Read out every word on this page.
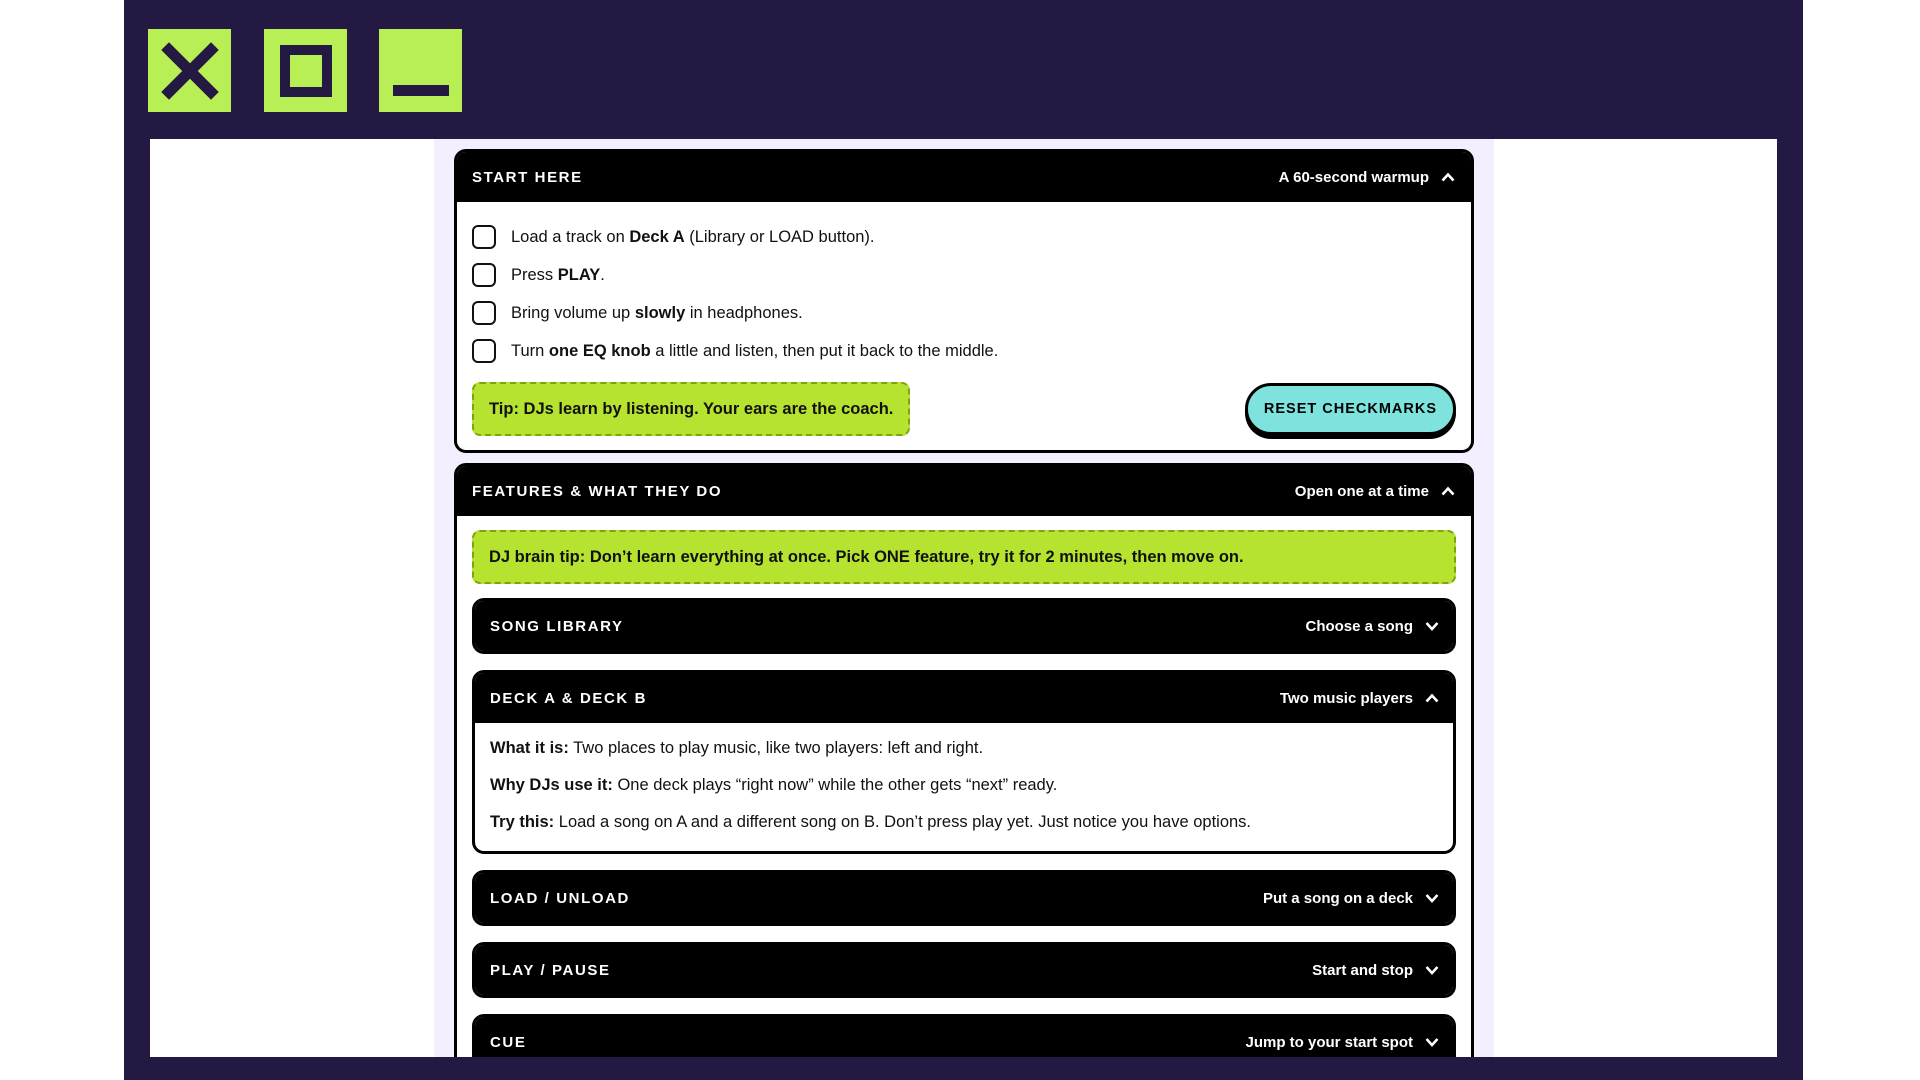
START HERE	A 60-second warmup
Load a track on Deck A (Library or LOAD button).
Press PLAY.
Bring volume up slowly in headphones.
Turn one EQ knob a little and listen, then put it back to the middle.
Tip: DJs learn by listening. Your ears are the coach.	RESET CHECKMARKS
FEATURES & WHAT THEY DO	Open one at a time
DJ brain tip: Don’t learn everything at once. Pick ONE feature, try it for 2 minutes, then move on.
SONG LIBRARY	Choose a song
DECK A & DECK B	Two music players

What it is: Two places to play music, like two players: left and right.

Why DJs use it: One deck plays “right now” while the other gets “next” ready.

Try this: Load a song on A and a different song on B. Don’t press play yet. Just notice you have options.

LOAD / UNLOAD	Put a song on a deck
PLAY / PAUSE	Start and stop
CUE	Jump to your start spot
